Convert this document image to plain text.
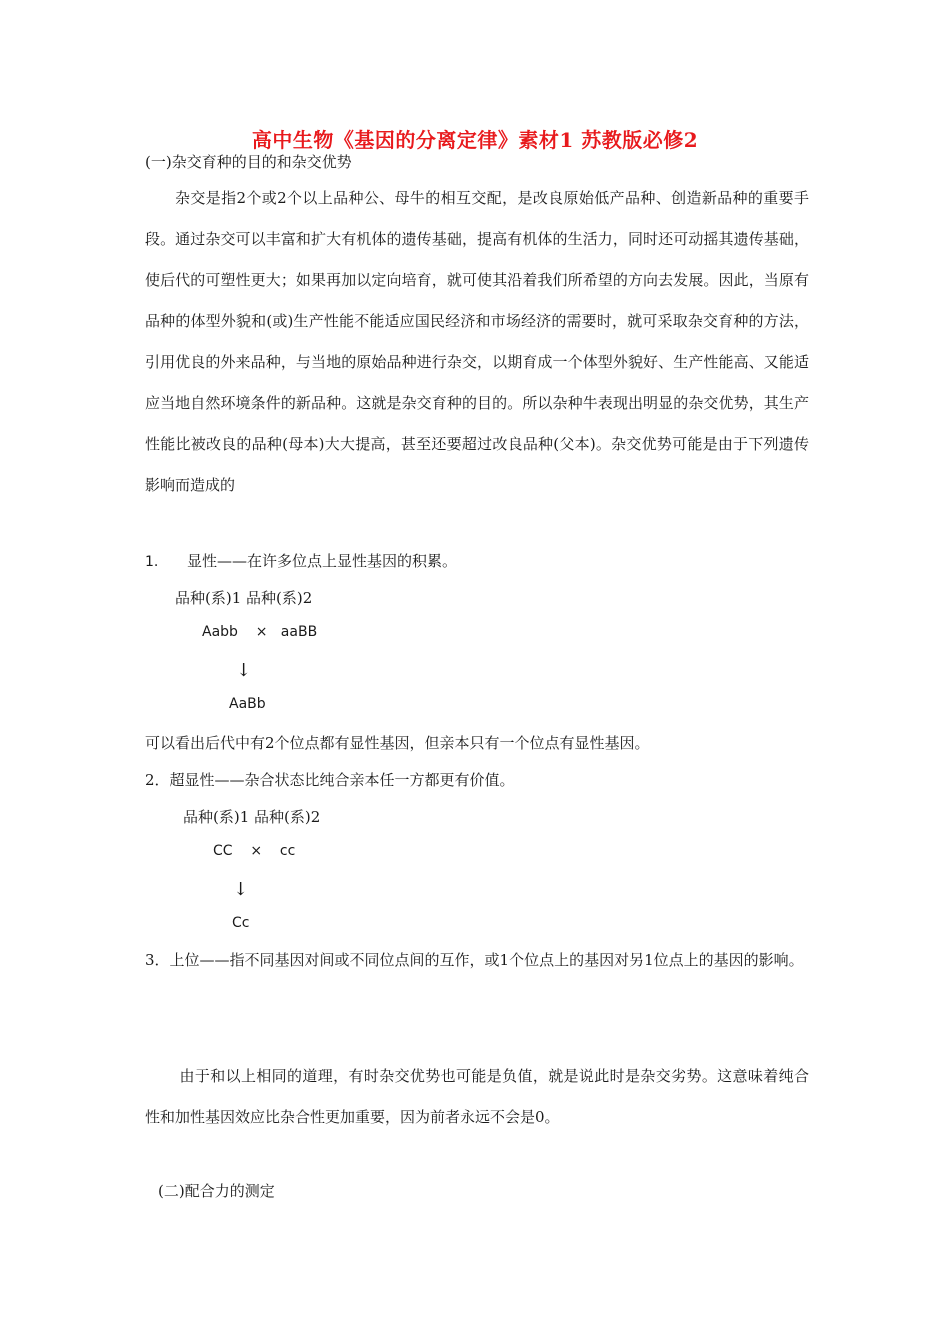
高中生物《基因的分离定律》素材1 苏教版必修2
(一)杂交育种的目的和杂交优势
杂交是指2个或2个以上品种公、母牛的相互交配，是改良原始低产品种、创造新品种的重要手段。通过杂交可以丰富和扩大有机体的遗传基础，提高有机体的生活力，同时还可动摇其遗传基础，使后代的可塑性更大；如果再加以定向培育，就可使其沿着我们所希望的方向去发展。因此，当原有品种的体型外貌和(或)生产性能不能适应国民经济和市场经济的需要时，就可采取杂交育种的方法，引用优良的外来品种，与当地的原始品种进行杂交，以期育成一个体型外貌好、生产性能高、又能适应当地自然环境条件的新品种。这就是杂交育种的目的。所以杂种牛表现出明显的杂交优势，其生产性能比被改良的品种(母本)大大提高，甚至还要超过改良品种(父本)。杂交优势可能是由于下列遗传影响而造成的
1. 显性——在许多位点上显性基因的积累。
品种(系)1 品种(系)2
Aabb    ×   aaBB
↓
AaBb
可以看出后代中有2个位点都有显性基因，但亲本只有一个位点有显性基因。
2．超显性——杂合状态比纯合亲本任一方都更有价值。
品种(系)1 品种(系)2
CC    ×    cc
↓
Cc
3．上位——指不同基因对间或不同位点间的互作，或1个位点上的基因对另1位点上的基因的影响。
由于和以上相同的道理，有时杂交优势也可能是负值，就是说此时是杂交劣势。这意味着纯合性和加性基因效应比杂合性更加重要，因为前者永远不会是0。
(二)配合力的测定
